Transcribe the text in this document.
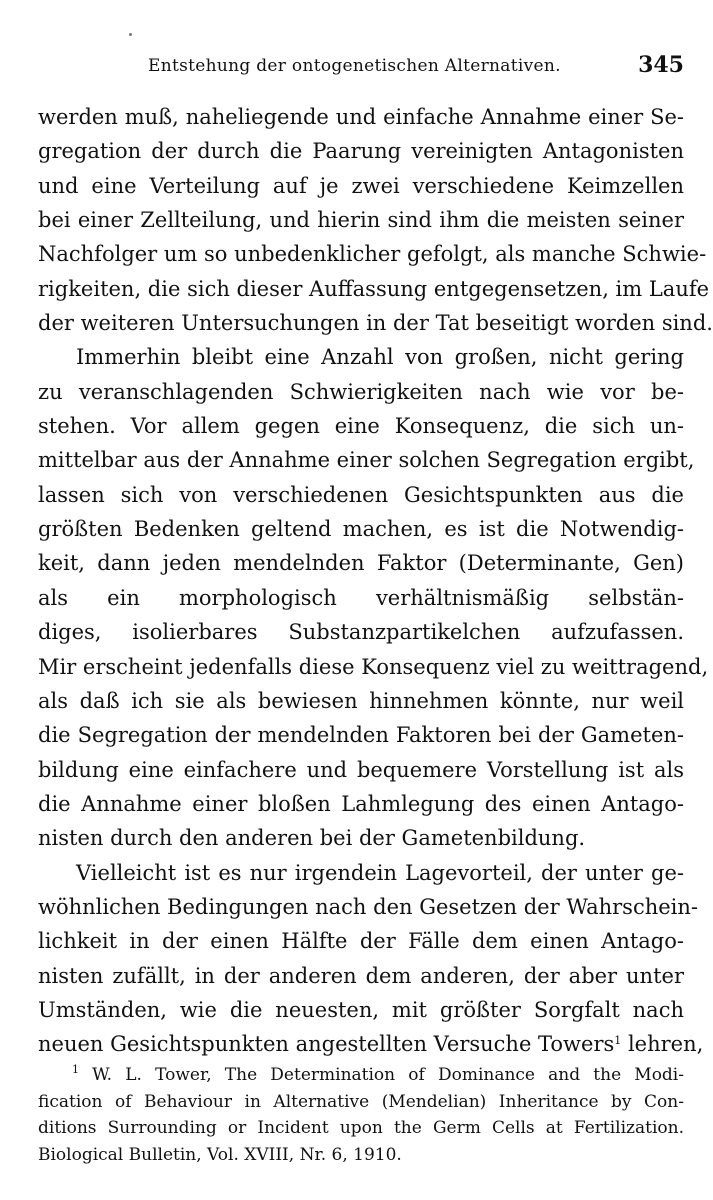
Entstehung der ontogenetischen Alternativen.	345
werden muß, naheliegende und einfache Annahme einer Se-
gregation der durch die Paarung vereinigten Antagonisten
und eine Verteilung auf je zwei verschiedene Keimzellen
bei einer Zellteilung, und hierin sind ihm die meisten seiner
Nachfolger um so unbedenklicher gefolgt, als manche Schwie-
rigkeiten, die sich dieser Auffassung entgegensetzen, im Laufe
der weiteren Untersuchungen in der Tat beseitigt worden sind.
Immerhin bleibt eine Anzahl von großen, nicht gering
zu veranschlagenden Schwierigkeiten nach wie vor be-
stehen. Vor allem gegen eine Konsequenz, die sich un-
mittelbar aus der Annahme einer solchen Segregation ergibt,
lassen sich von verschiedenen Gesichtspunkten aus die
größten Bedenken geltend machen, es ist die Notwendig-
keit, dann jeden mendelnden Faktor (Determinante, Gen)
als ein morphologisch verhältnismäßig selbstän-
diges, isolierbares Substanzpartikelchen aufzufassen.
Mir erscheint jedenfalls diese Konsequenz viel zu weittragend,
als daß ich sie als bewiesen hinnehmen könnte, nur weil
die Segregation der mendelnden Faktoren bei der Gameten-
bildung eine einfachere und bequemere Vorstellung ist als
die Annahme einer bloßen Lahmlegung des einen Antago-
nisten durch den anderen bei der Gametenbildung.
Vielleicht ist es nur irgendein Lagevorteil, der unter ge-
wöhnlichen Bedingungen nach den Gesetzen der Wahrschein-
lichkeit in der einen Hälfte der Fälle dem einen Antago-
nisten zufällt, in der anderen dem anderen, der aber unter
Umständen, wie die neuesten, mit größter Sorgfalt nach
neuen Gesichtspunkten angestellten Versuche Towers$^1$ lehren,
$^1$ W. L. Tower, The Determination of Dominance and the Modi-
fication of Behaviour in Alternative (Mendelian) Inheritance by Con-
ditions Surrounding or Incident upon the Germ Cells at Fertilization.
Biological Bulletin, Vol. XVIII, Nr. 6, 1910.
